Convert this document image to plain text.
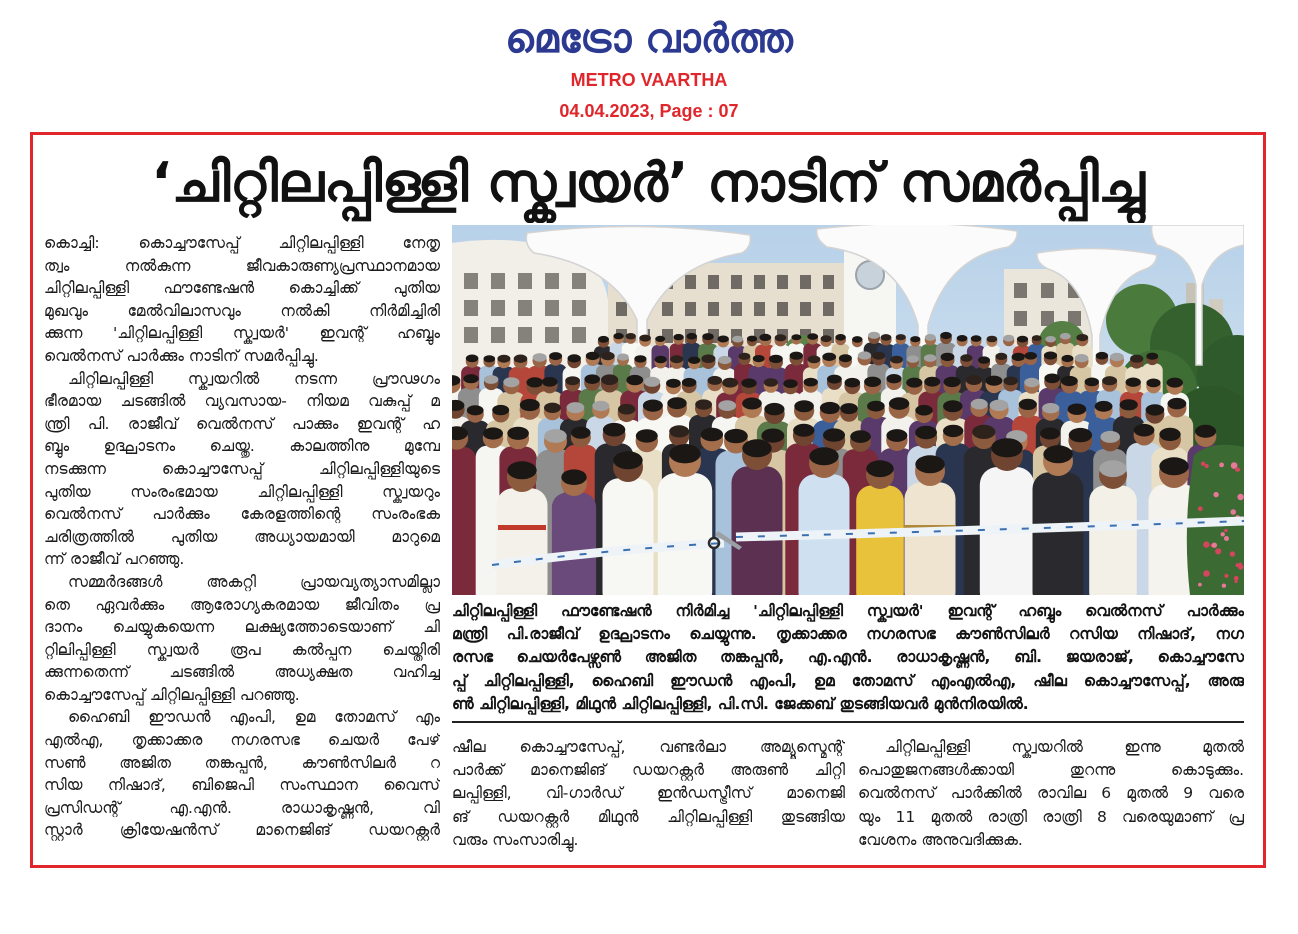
മെട്രോ വാർത്ത
METRO VAARTHA
04.04.2023, Page : 07
‘ചിറ്റിലപ്പിള്ളി സ്ക്വയർ’ നാടിന് സമർപ്പിച്ചു
കൊച്ചി: കൊച്ചൗസേപ്പ് ചിറ്റിലപ്പിള്ളി നേതൃ
ത്വം നൽകുന്ന ജീവകാരുണ്യപ്രസ്ഥാനമായ
ചിറ്റിലപ്പിള്ളി ഫൗണ്ടേഷൻ കൊച്ചിക്ക് പുതിയ
മുഖവും മേൽവിലാസവും നൽകി നിർമിച്ചിരി
ക്കുന്ന 'ചിറ്റിലപ്പിള്ളി സ്ക്വയർ' ഇവന്റ് ഹബ്ബും
വെൽനസ് പാർക്കും നാടിന് സമർപ്പിച്ചു.
ചിറ്റിലപ്പിള്ളി സ്ക്വയറിൽ നടന്ന പ്രൗഢഗം
ഭീരമായ ചടങ്ങിൽ വ്യവസായ- നിയമ വകുപ്പ് മ
ന്ത്രി പി. രാജീവ് വെൽനസ് പാക്കും ഇവന്റ് ഹ
ബ്ബും ഉദ്ഘാടനം ചെയ്തു. കാലത്തിനു മുമ്പേ
നടക്കുന്ന കൊച്ചൗസേപ്പ് ചിറ്റിലപ്പിള്ളിയുടെ
പുതിയ സംരംഭമായ ചിറ്റിലപ്പിള്ളി സ്ക്വയറും
വെൽനസ് പാർക്കും കേരളത്തിന്റെ സംരംഭക
ചരിത്രത്തിൽ പുതിയ അധ്യായമായി മാറുമെ
ന്ന് രാജീവ് പറഞ്ഞു.
സമ്മർദങ്ങൾ അകറ്റി പ്രായവ്യത്യാസമില്ലാ
തെ ഏവർക്കും ആരോഗ്യകരമായ ജീവിതം പ്ര
ദാനം ചെയ്യുകയെന്ന ലക്ഷ്യത്തോടെയാണ് ചി
റ്റിലിപ്പിള്ളി സ്ക്വയർ രൂപ കൽപ്പന ചെയ്തിരി
ക്കുന്നതെന്ന് ചടങ്ങിൽ അധ്യക്ഷത വഹിച്ച
കൊച്ചൗസേപ്പ് ചിറ്റിലപ്പിള്ളി പറഞ്ഞു.
ഹൈബി ഈഡൻ എംപി, ഉമ തോമസ് എം
എൽഎ, തൃക്കാക്കര നഗരസഭ ചെയർ പേഴ്
സൺ അജിത തങ്കപ്പൻ, കൗൺസിലർ റ
സിയ നിഷാദ്, ബിജെപി സംസ്ഥാന വൈസ്
പ്രസിഡന്റ് എ.എൻ. രാധാകൃഷ്ണൻ, വി
സ്റ്റാർ ക്രിയേഷൻസ് മാനെജിങ് ഡയറക്റ്റർ
ചിറ്റിലപ്പിള്ളി ഫൗണ്ടേഷൻ നിർമിച്ച 'ചിറ്റിലപ്പിള്ളി സ്ക്വയർ' ഇവന്റ് ഹബ്ബും വെൽനസ് പാർക്കും
മന്ത്രി പി.രാജീവ് ഉദ്ഘാടനം ചെയ്യുന്നു. തൃക്കാക്കര നഗരസഭ കൗൺസിലർ റസിയ നിഷാദ്, നഗ
രസഭ ചെയർപേഴ്സൺ അജിത തങ്കപ്പൻ, എ.എൻ. രാധാകൃഷ്ണൻ, ബി. ജയരാജ്, കൊച്ചൗസേ
പ്പ് ചിറ്റിലപ്പിള്ളി, ഹൈബി ഈഡൻ എംപി, ഉമ തോമസ് എംഎൽഎ, ഷീല കൊച്ചൗസേപ്പ്, അരു
ൺ ചിറ്റിലപ്പിള്ളി, മിഥുൻ ചിറ്റിലപ്പിള്ളി, പി.സി. ജേക്കബ് തുടങ്ങിയവർ മുൻനിരയിൽ.
ഷീല കൊച്ചൗസേപ്പ്, വണ്ടർലാ അമ്യൂസ്മെന്റ്
പാർക്ക് മാനെജിങ് ഡയറക്റ്റർ അരുൺ ചിറ്റി
ലപ്പിള്ളി, വി-ഗാർഡ് ഇൻഡസ്ട്രീസ് മാനെജി
ങ് ഡയറക്റ്റർ മിഥുൻ ചിറ്റിലപ്പിള്ളി തുടങ്ങിയ
വരും സംസാരിച്ചു.
ചിറ്റിലപ്പിള്ളി സ്ക്വയറിൽ ഇന്നു മുതൽ
പൊതുജനങ്ങൾക്കായി തുറന്നു കൊടുക്കും.
വെൽനസ് പാർക്കിൽ രാവില 6 മുതൽ 9 വരെ
യും 11 മുതൽ രാത്രി രാത്രി 8 വരെയുമാണ് പ്ര
വേശനം അനുവദിക്കുക.
